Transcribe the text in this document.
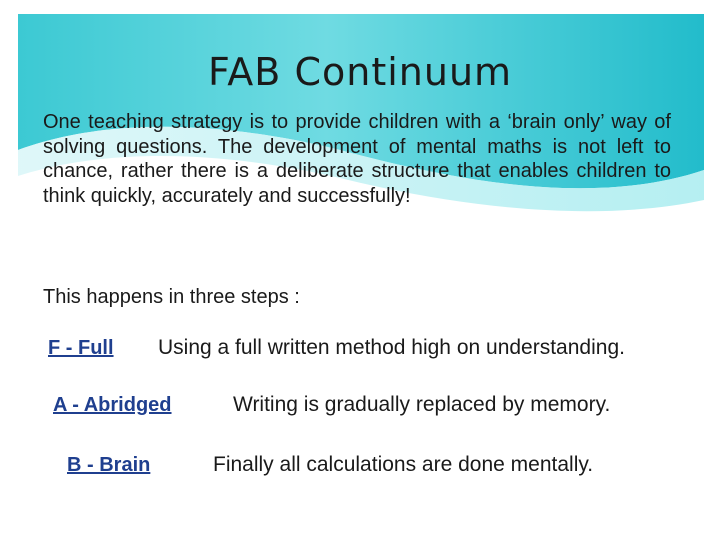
FAB Continuum

One teaching strategy is to provide children with a ‘brain only’ way of solving questions. The development of mental maths is not left to chance, rather there is a deliberate structure that enables children to think quickly, accurately and successfully!

This happens in three steps :

F - Full Using a full written method high on understanding.
A - Abridged	Writing is gradually replaced by memory.
B - Brain	Finally all calculations are done mentally.
